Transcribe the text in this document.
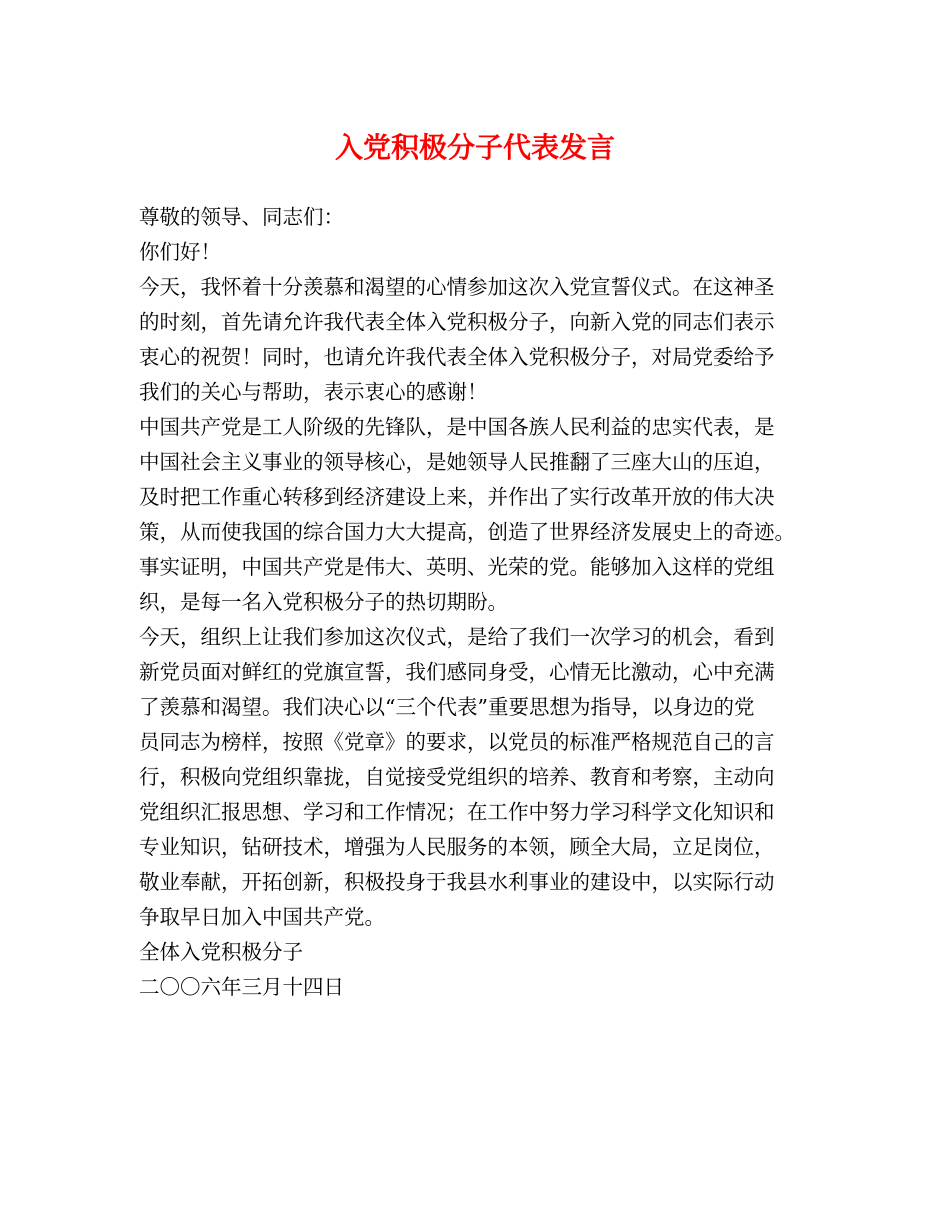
入党积极分子代表发言
尊敬的领导、同志们：
你们好！
今天，我怀着十分羡慕和渴望的心情参加这次入党宣誓仪式。在这神圣
的时刻，首先请允许我代表全体入党积极分子，向新入党的同志们表示
衷心的祝贺！同时，也请允许我代表全体入党积极分子，对局党委给予
我们的关心与帮助，表示衷心的感谢！
中国共产党是工人阶级的先锋队，是中国各族人民利益的忠实代表，是
中国社会主义事业的领导核心，是她领导人民推翻了三座大山的压迫，
及时把工作重心转移到经济建设上来，并作出了实行改革开放的伟大决
策，从而使我国的综合国力大大提高，创造了世界经济发展史上的奇迹。
事实证明，中国共产党是伟大、英明、光荣的党。能够加入这样的党组
织，是每一名入党积极分子的热切期盼。
今天，组织上让我们参加这次仪式，是给了我们一次学习的机会，看到
新党员面对鲜红的党旗宣誓，我们感同身受，心情无比激动，心中充满
了羡慕和渴望。我们决心以“三个代表”重要思想为指导，以身边的党
员同志为榜样，按照《党章》的要求，以党员的标准严格规范自己的言
行，积极向党组织靠拢，自觉接受党组织的培养、教育和考察，主动向
党组织汇报思想、学习和工作情况；在工作中努力学习科学文化知识和
专业知识，钻研技术，增强为人民服务的本领，顾全大局，立足岗位，
敬业奉献，开拓创新，积极投身于我县水利事业的建设中，以实际行动
争取早日加入中国共产党。
全体入党积极分子
二〇〇六年三月十四日
